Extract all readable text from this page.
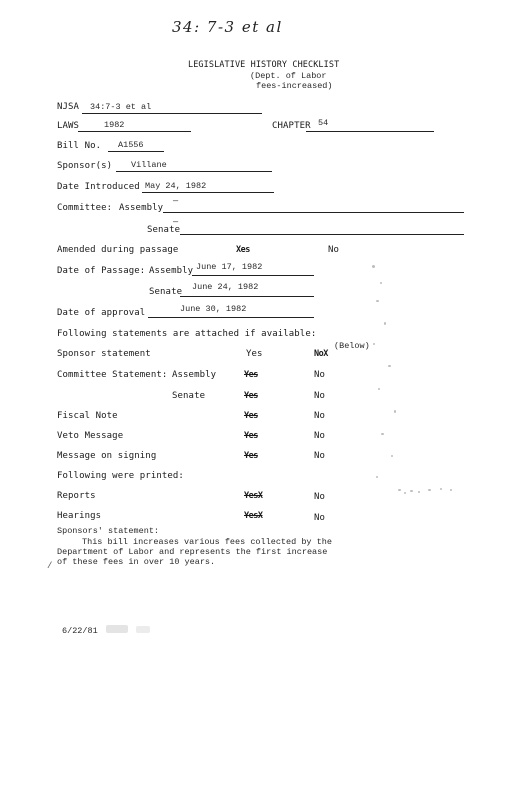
34: 7-3 et al
LEGISLATIVE HISTORY CHECKLIST
(Dept. of Labor
fees-increased)
NJSA 34:7-3 et al
LAWS	1982	CHAPTER 54
Bill No. A1556
Sponsor(s) Villane
Date Introduced May 24, 1982
Committee: Assembly
—
Senate
—
Amended during passage	Xes	No
Date of Passage: Assembly June 17, 1982
Senate June 24, 1982
Date of approval	June 30, 1982
Following statements are attached if available:
Sponsor statement	Yes	NoX
(Below)
Committee Statement: Assembly	Yes	No
Senate	Yes	No
Fiscal Note	Yes	No
Veto Message	Yes	No
Message on signing	Yes	No
Following were printed:
Reports	YesX	No
Hearings	YesX	No
Sponsors' statement:
This bill increases various fees collected by the
Department of Labor and represents the first increase
of these fees in over 10 years.
/
6/22/81
